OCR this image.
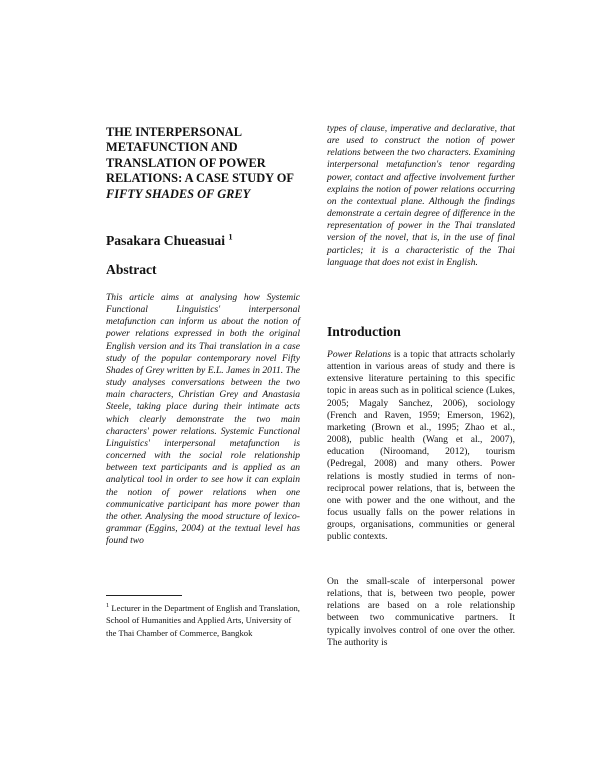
THE INTERPERSONAL METAFUNCTION AND TRANSLATION OF POWER RELATIONS: A CASE STUDY OF FIFTY SHADES OF GREY

Pasakara Chueasuai $^1$

Abstract

This article aims at analysing how Systemic Functional Linguistics' interpersonal metafunction can inform us about the notion of power relations expressed in both the original English version and its Thai translation in a case study of the popular contemporary novel Fifty Shades of Grey written by E.L. James in 2011. The study analyses conversations between the two main characters, Christian Grey and Anastasia Steele, taking place during their intimate acts which clearly demonstrate the two main characters' power relations. Systemic Functional Linguistics' interpersonal metafunction is concerned with the social role relationship between text participants and is applied as an analytical tool in order to see how it can explain the notion of power relations when one communicative participant has more power than the other. Analysing the mood structure of lexico-grammar (Eggins, 2004) at the textual level has found two

$^1$ Lecturer in the Department of English and Translation, School of Humanities and Applied Arts, University of the Thai Chamber of Commerce, Bangkok

types of clause, imperative and declarative, that are used to construct the notion of power relations between the two characters. Examining interpersonal metafunction's tenor regarding power, contact and affective involvement further explains the notion of power relations occurring on the contextual plane. Although the findings demonstrate a certain degree of difference in the representation of power in the Thai translated version of the novel, that is, in the use of final particles; it is a characteristic of the Thai language that does not exist in English.

Introduction

Power Relations is a topic that attracts scholarly attention in various areas of study and there is extensive literature pertaining to this specific topic in areas such as in political science (Lukes, 2005; Magaly Sanchez, 2006), sociology (French and Raven, 1959; Emerson, 1962), marketing (Brown et al., 1995; Zhao et al., 2008), public health (Wang et al., 2007), education (Niroomand, 2012), tourism (Pedregal, 2008) and many others. Power relations is mostly studied in terms of non-reciprocal power relations, that is, between the one with power and the one without, and the focus usually falls on the power relations in groups, organisations, communities or general public contexts.

On the small-scale of interpersonal power relations, that is, between two people, power relations are based on a role relationship between two communicative partners. It typically involves control of one over the other. The authority is
